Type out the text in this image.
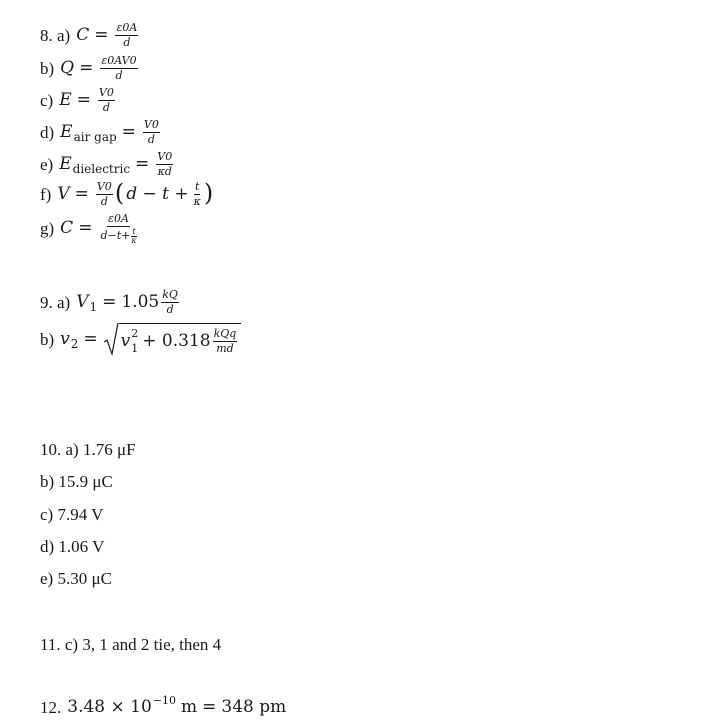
8. a) $C = \frac{\varepsilon 0A}{d}$
b) $Q = \frac{\varepsilon 0AV0}{d}$
c) $E = \frac{V0}{d}$
d) E air gap = $\frac{V0}{d}$
e) E dielectric = $\frac{V0}{\kappa d}$
f) $V = \frac{V0}{d}$ ( $d - t + \frac{t}{\kappa}$ )
g) $C = \frac{\varepsilon 0A}{d-t+ \frac{t}{\kappa}}$
9. a) V $1 = 1.05 \frac{kQ}{d}$
b) v 2 = v 2
$1 + 0.318 \frac{\text{kQq}}{md}$
10. a) 1.76 μF
b) 15.9 μC
c) 7.94 V
d) 1.06 V
e) 5.30 μC
11. c) 3, 1 and 2 tie, then 4
12. 3.48 × 10 −10 m = 348 pm
